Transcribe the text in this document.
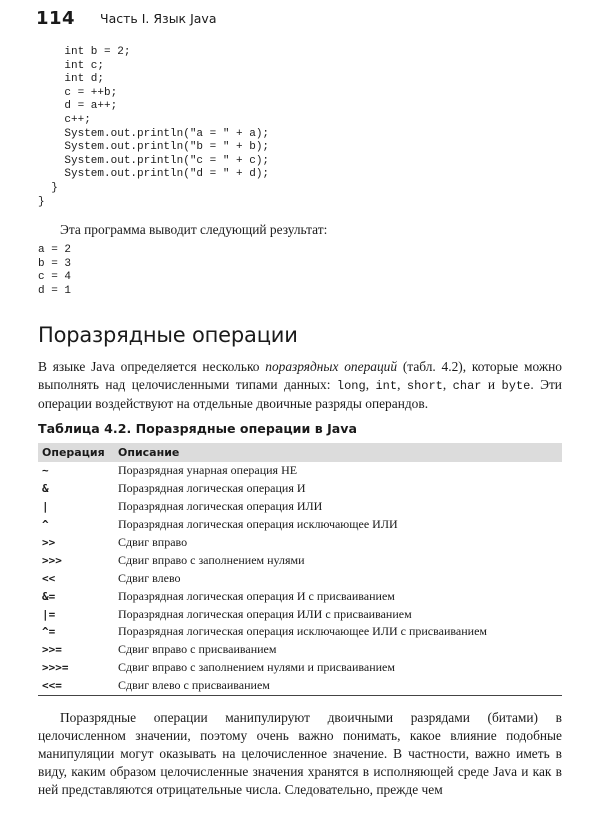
114 Часть I. Язык Java
int b = 2;
int c;
int d;
c = ++b;
d = a++;
c++;
System.out.println("a = " + a);
System.out.println("b = " + b);
System.out.println("c = " + c);
System.out.println("d = " + d);
}
}
Эта программа выводит следующий результат:
a = 2
b = 3
c = 4
d = 1
Поразрядные операции

В языке Java определяется несколько поразрядных операций (табл. 4.2), которые можно выполнять над целочисленными типами данных: long, int, short, char и byte. Эти операции воздействуют на отдельные двоичные разряды операндов.

Таблица 4.2. Поразрядные операции в Java
Операция	Описание
~	Поразрядная унарная операция НЕ
&	Поразрядная логическая операция И
|	Поразрядная логическая операция ИЛИ
^	Поразрядная логическая операция исключающее ИЛИ
>>	Сдвиг вправо
>>>	Сдвиг вправо с заполнением нулями
<<	Сдвиг влево
&=	Поразрядная логическая операция И с присваиванием
|=	Поразрядная логическая операция ИЛИ с присваиванием
^=	Поразрядная логическая операция исключающее ИЛИ с присваиванием
>>=	Сдвиг вправо с присваиванием
>>>=	Сдвиг вправо с заполнением нулями и присваиванием
<<=	Сдвиг влево с присваиванием

Поразрядные операции манипулируют двоичными разрядами (битами) в целочисленном значении, поэтому очень важно понимать, какое влияние подобные манипуляции могут оказывать на целочисленное значение. В частности, важно иметь в виду, каким образом целочисленные значения хранятся в исполняющей среде Java и как в ней представляются отрицательные числа. Следовательно, прежде чем
